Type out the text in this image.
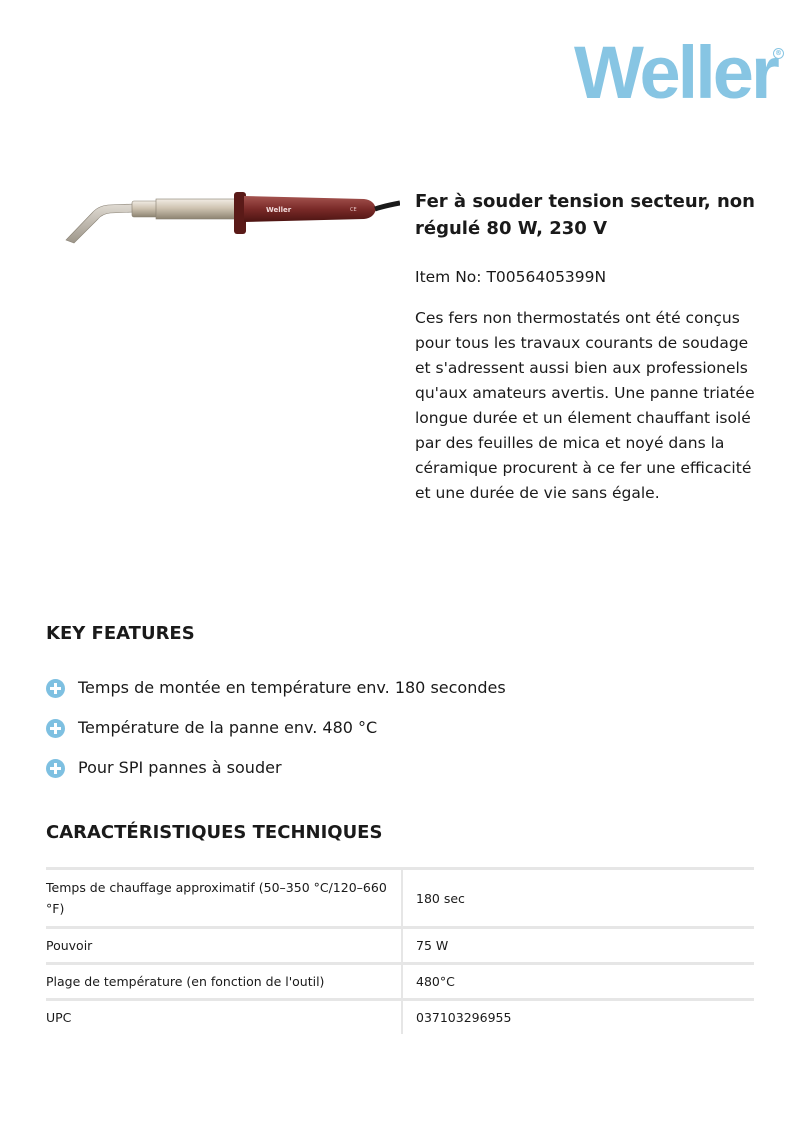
Weller
®
Weller	CE	Fer à souder tension secteur, non régulé 80 W, 230 V

Item No: T0056405399N

Ces fers non thermostatés ont été conçus pour tous les travaux courants de soudage et s'adressent aussi bien aux professionels qu'aux amateurs avertis. Une panne triatée longue durée et un élement chauffant isolé par des feuilles de mica et noyé dans la céramique procurent à ce fer une efficacité et une durée de vie sans égale.

KEY FEATURES
Temps de montée en température env. 180 secondes
Température de la panne env. 480 °C
Pour SPI pannes à souder
CARACTÉRISTIQUES TECHNIQUES
Temps de chauffage approximatif (50–350 °C/120–660 °F)	180 sec
Pouvoir	75 W
Plage de température (en fonction de l'outil)	480°C
UPC	037103296955
